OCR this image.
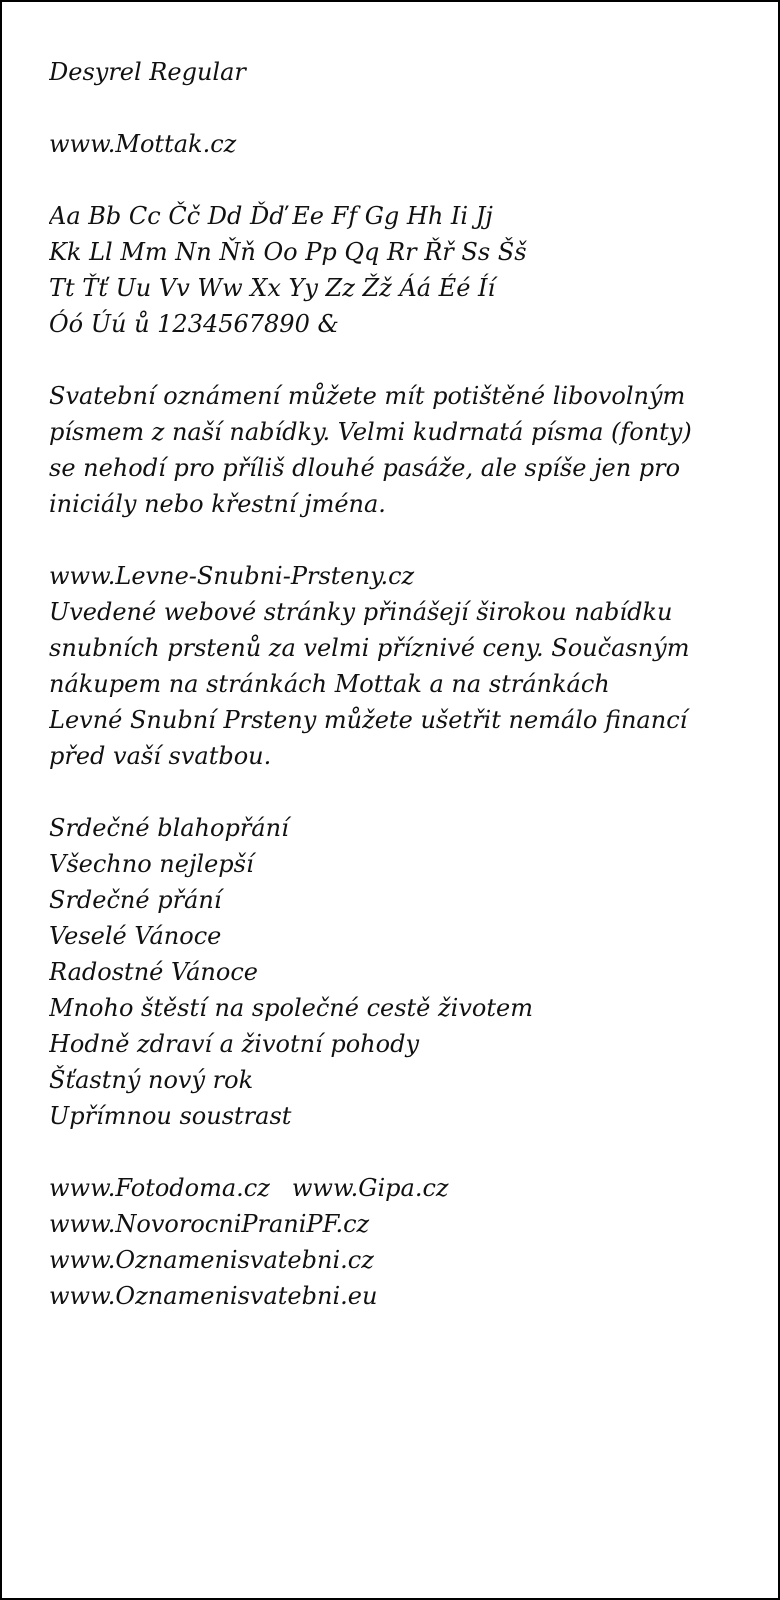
Desyrel Regular
www.Mottak.cz
Aa Bb Cc Čč Dd Ďď Ee Ff Gg Hh Ii Jj
Kk Ll Mm Nn Ňň Oo Pp Qq Rr Řř Ss Šš
Tt Ťť Uu Vv Ww Xx Yy Zz Žž Áá Éé Íí
Óó Úú ů 1234567890 &
Svatební oznámení můžete mít potištěné libovolným
písmem z naší nabídky. Velmi kudrnatá písma (fonty)
se nehodí pro příliš dlouhé pasáže, ale spíše jen pro
iniciály nebo křestní jména.
www.Levne-Snubni-Prsteny.cz
Uvedené webové stránky přinášejí širokou nabídku
snubních prstenů za velmi příznivé ceny. Současným
nákupem na stránkách Mottak a na stránkách
Levné Snubní Prsteny můžete ušetřit nemálo financí
před vaší svatbou.
Srdečné blahopřání
Všechno nejlepší
Srdečné přání
Veselé Vánoce
Radostné Vánoce
Mnoho štěstí na společné cestě životem
Hodně zdraví a životní pohody
Šťastný nový rok
Upřímnou soustrast
www.Fotodoma.cz www.Gipa.cz
www.NovorocniPraniPF.cz
www.Oznamenisvatebni.cz
www.Oznamenisvatebni.eu
